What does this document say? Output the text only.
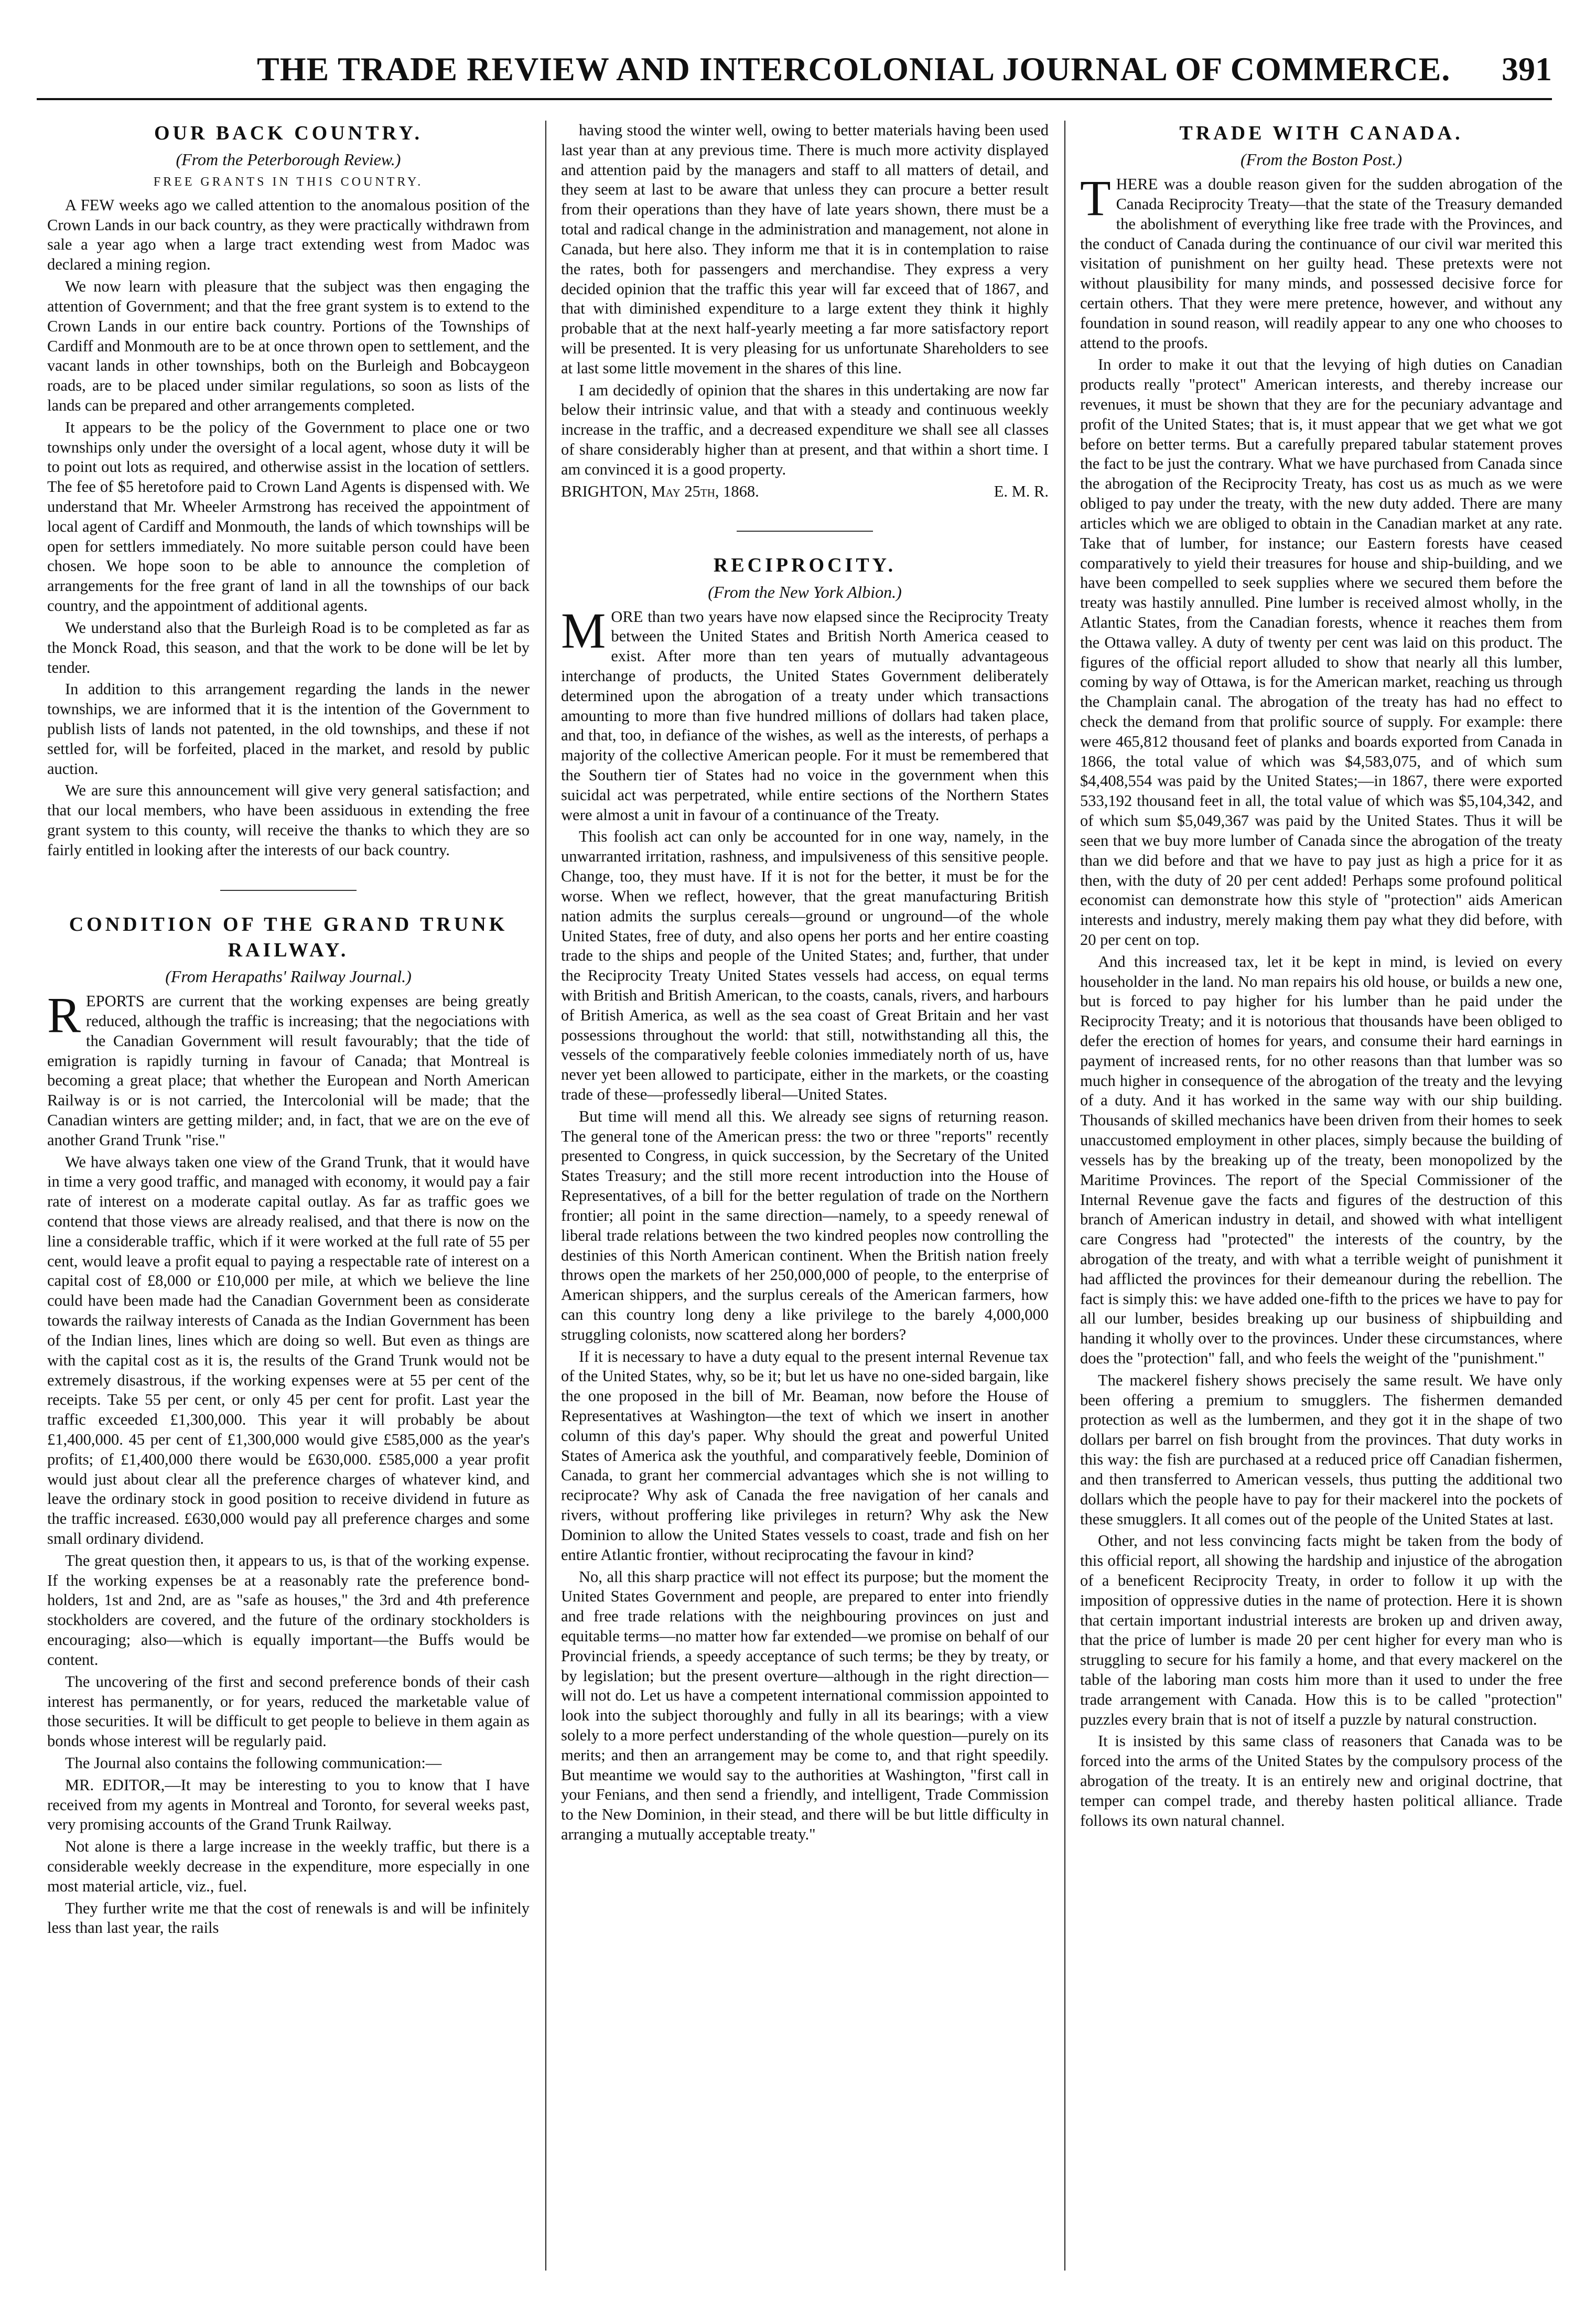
THE TRADE REVIEW AND INTERCOLONIAL JOURNAL OF COMMERCE. 391
OUR BACK COUNTRY.
(From the Peterborough Review.)
FREE GRANTS IN THIS COUNTRY.

A FEW weeks ago we called attention to the anomalous position of the Crown Lands in our back country, as they were practically withdrawn from sale a year ago when a large tract extending west from Madoc was declared a mining region.

We now learn with pleasure that the subject was then engaging the attention of Government; and that the free grant system is to extend to the Crown Lands in our entire back country. Portions of the Townships of Cardiff and Monmouth are to be at once thrown open to settlement, and the vacant lands in other townships, both on the Burleigh and Bobcaygeon roads, are to be placed under similar regulations, so soon as lists of the lands can be prepared and other arrangements completed.

It appears to be the policy of the Government to place one or two townships only under the oversight of a local agent, whose duty it will be to point out lots as required, and otherwise assist in the location of settlers. The fee of $5 heretofore paid to Crown Land Agents is dispensed with. We understand that Mr. Wheeler Armstrong has received the appointment of local agent of Cardiff and Monmouth, the lands of which townships will be open for settlers immediately. No more suitable person could have been chosen. We hope soon to be able to announce the completion of arrangements for the free grant of land in all the townships of our back country, and the appointment of additional agents.

We understand also that the Burleigh Road is to be completed as far as the Monck Road, this season, and that the work to be done will be let by tender.

In addition to this arrangement regarding the lands in the newer townships, we are informed that it is the intention of the Government to publish lists of lands not patented, in the old townships, and these if not settled for, will be forfeited, placed in the market, and resold by public auction.

We are sure this announcement will give very general satisfaction; and that our local members, who have been assiduous in extending the free grant system to this county, will receive the thanks to which they are so fairly entitled in looking after the interests of our back country.

CONDITION OF THE GRAND TRUNK RAILWAY.
(From Herapaths' Railway Journal.)

REPORTS are current that the working expenses are being greatly reduced, although the traffic is increasing; that the negociations with the Canadian Government will result favourably; that the tide of emigration is rapidly turning in favour of Canada; that Montreal is becoming a great place; that whether the European and North American Railway is or is not carried, the Intercolonial will be made; that the Canadian winters are getting milder; and, in fact, that we are on the eve of another Grand Trunk "rise."

We have always taken one view of the Grand Trunk, that it would have in time a very good traffic, and managed with economy, it would pay a fair rate of interest on a moderate capital outlay. As far as traffic goes we contend that those views are already realised, and that there is now on the line a considerable traffic, which if it were worked at the full rate of 55 per cent, would leave a profit equal to paying a respectable rate of interest on a capital cost of £8,000 or £10,000 per mile, at which we believe the line could have been made had the Canadian Government been as considerate towards the railway interests of Canada as the Indian Government has been of the Indian lines, lines which are doing so well. But even as things are with the capital cost as it is, the results of the Grand Trunk would not be extremely disastrous, if the working expenses were at 55 per cent of the receipts. Take 55 per cent, or only 45 per cent for profit. Last year the traffic exceeded £1,300,000. This year it will probably be about £1,400,000. 45 per cent of £1,300,000 would give £585,000 as the year's profits; of £1,400,000 there would be £630,000. £585,000 a year profit would just about clear all the preference charges of whatever kind, and leave the ordinary stock in good position to receive dividend in future as the traffic increased. £630,000 would pay all preference charges and some small ordinary dividend.

The great question then, it appears to us, is that of the working expense. If the working expenses be at a reasonably rate the preference bond-holders, 1st and 2nd, are as "safe as houses," the 3rd and 4th preference stockholders are covered, and the future of the ordinary stockholders is encouraging; also—which is equally important—the Buffs would be content.

The uncovering of the first and second preference bonds of their cash interest has permanently, or for years, reduced the marketable value of those securities. It will be difficult to get people to believe in them again as bonds whose interest will be regularly paid.

The Journal also contains the following communication:—

MR. EDITOR,—It may be interesting to you to know that I have received from my agents in Montreal and Toronto, for several weeks past, very promising accounts of the Grand Trunk Railway.

Not alone is there a large increase in the weekly traffic, but there is a considerable weekly decrease in the expenditure, more especially in one most material article, viz., fuel.

They further write me that the cost of renewals is and will be infinitely less than last year, the rails

having stood the winter well, owing to better materials having been used last year than at any previous time. There is much more activity displayed and attention paid by the managers and staff to all matters of detail, and they seem at last to be aware that unless they can procure a better result from their operations than they have of late years shown, there must be a total and radical change in the administration and management, not alone in Canada, but here also. They inform me that it is in contemplation to raise the rates, both for passengers and merchandise. They express a very decided opinion that the traffic this year will far exceed that of 1867, and that with diminished expenditure to a large extent they think it highly probable that at the next half-yearly meeting a far more satisfactory report will be presented. It is very pleasing for us unfortunate Shareholders to see at last some little movement in the shares of this line.

I am decidedly of opinion that the shares in this undertaking are now far below their intrinsic value, and that with a steady and continuous weekly increase in the traffic, and a decreased expenditure we shall see all classes of share considerably higher than at present, and that within a short time. I am convinced it is a good property.

BRIGHTON, May 25th, 1868.	E. M. R.
RECIPROCITY.
(From the New York Albion.)

MORE than two years have now elapsed since the Reciprocity Treaty between the United States and British North America ceased to exist. After more than ten years of mutually advantageous interchange of products, the United States Government deliberately determined upon the abrogation of a treaty under which transactions amounting to more than five hundred millions of dollars had taken place, and that, too, in defiance of the wishes, as well as the interests, of perhaps a majority of the collective American people. For it must be remembered that the Southern tier of States had no voice in the government when this suicidal act was perpetrated, while entire sections of the Northern States were almost a unit in favour of a continuance of the Treaty.

This foolish act can only be accounted for in one way, namely, in the unwarranted irritation, rashness, and impulsiveness of this sensitive people. Change, too, they must have. If it is not for the better, it must be for the worse. When we reflect, however, that the great manufacturing British nation admits the surplus cereals—ground or unground—of the whole United States, free of duty, and also opens her ports and her entire coasting trade to the ships and people of the United States; and, further, that under the Reciprocity Treaty United States vessels had access, on equal terms with British and British American, to the coasts, canals, rivers, and harbours of British America, as well as the sea coast of Great Britain and her vast possessions throughout the world: that still, notwithstanding all this, the vessels of the comparatively feeble colonies immediately north of us, have never yet been allowed to participate, either in the markets, or the coasting trade of these—professedly liberal—United States.

But time will mend all this. We already see signs of returning reason. The general tone of the American press: the two or three "reports" recently presented to Congress, in quick succession, by the Secretary of the United States Treasury; and the still more recent introduction into the House of Representatives, of a bill for the better regulation of trade on the Northern frontier; all point in the same direction—namely, to a speedy renewal of liberal trade relations between the two kindred peoples now controlling the destinies of this North American continent. When the British nation freely throws open the markets of her 250,000,000 of people, to the enterprise of American shippers, and the surplus cereals of the American farmers, how can this country long deny a like privilege to the barely 4,000,000 struggling colonists, now scattered along her borders?

If it is necessary to have a duty equal to the present internal Revenue tax of the United States, why, so be it; but let us have no one-sided bargain, like the one proposed in the bill of Mr. Beaman, now before the House of Representatives at Washington—the text of which we insert in another column of this day's paper. Why should the great and powerful United States of America ask the youthful, and comparatively feeble, Dominion of Canada, to grant her commercial advantages which she is not willing to reciprocate? Why ask of Canada the free navigation of her canals and rivers, without proffering like privileges in return? Why ask the New Dominion to allow the United States vessels to coast, trade and fish on her entire Atlantic frontier, without reciprocating the favour in kind?

No, all this sharp practice will not effect its purpose; but the moment the United States Government and people, are prepared to enter into friendly and free trade relations with the neighbouring provinces on just and equitable terms—no matter how far extended—we promise on behalf of our Provincial friends, a speedy acceptance of such terms; be they by treaty, or by legislation; but the present overture—although in the right direction—will not do. Let us have a competent international commission appointed to look into the subject thoroughly and fully in all its bearings; with a view solely to a more perfect understanding of the whole question—purely on its merits; and then an arrangement may be come to, and that right speedily. But meantime we would say to the authorities at Washington, "first call in your Fenians, and then send a friendly, and intelligent, Trade Commission to the New Dominion, in their stead, and there will be but little difficulty in arranging a mutually acceptable treaty."

TRADE WITH CANADA.
(From the Boston Post.)

THERE was a double reason given for the sudden abrogation of the Canada Reciprocity Treaty—that the state of the Treasury demanded the abolishment of everything like free trade with the Provinces, and the conduct of Canada during the continuance of our civil war merited this visitation of punishment on her guilty head. These pretexts were not without plausibility for many minds, and possessed decisive force for certain others. That they were mere pretence, however, and without any foundation in sound reason, will readily appear to any one who chooses to attend to the proofs.

In order to make it out that the levying of high duties on Canadian products really "protect" American interests, and thereby increase our revenues, it must be shown that they are for the pecuniary advantage and profit of the United States; that is, it must appear that we get what we got before on better terms. But a carefully prepared tabular statement proves the fact to be just the contrary. What we have purchased from Canada since the abrogation of the Reciprocity Treaty, has cost us as much as we were obliged to pay under the treaty, with the new duty added. There are many articles which we are obliged to obtain in the Canadian market at any rate. Take that of lumber, for instance; our Eastern forests have ceased comparatively to yield their treasures for house and ship-building, and we have been compelled to seek supplies where we secured them before the treaty was hastily annulled. Pine lumber is received almost wholly, in the Atlantic States, from the Canadian forests, whence it reaches them from the Ottawa valley. A duty of twenty per cent was laid on this product. The figures of the official report alluded to show that nearly all this lumber, coming by way of Ottawa, is for the American market, reaching us through the Champlain canal. The abrogation of the treaty has had no effect to check the demand from that prolific source of supply. For example: there were 465,812 thousand feet of planks and boards exported from Canada in 1866, the total value of which was $4,583,075, and of which sum $4,408,554 was paid by the United States;—in 1867, there were exported 533,192 thousand feet in all, the total value of which was $5,104,342, and of which sum $5,049,367 was paid by the United States. Thus it will be seen that we buy more lumber of Canada since the abrogation of the treaty than we did before and that we have to pay just as high a price for it as then, with the duty of 20 per cent added! Perhaps some profound political economist can demonstrate how this style of "protection" aids American interests and industry, merely making them pay what they did before, with 20 per cent on top.

And this increased tax, let it be kept in mind, is levied on every householder in the land. No man repairs his old house, or builds a new one, but is forced to pay higher for his lumber than he paid under the Reciprocity Treaty; and it is notorious that thousands have been obliged to defer the erection of homes for years, and consume their hard earnings in payment of increased rents, for no other reasons than that lumber was so much higher in consequence of the abrogation of the treaty and the levying of a duty. And it has worked in the same way with our ship building. Thousands of skilled mechanics have been driven from their homes to seek unaccustomed employment in other places, simply because the building of vessels has by the breaking up of the treaty, been monopolized by the Maritime Provinces. The report of the Special Commissioner of the Internal Revenue gave the facts and figures of the destruction of this branch of American industry in detail, and showed with what intelligent care Congress had "protected" the interests of the country, by the abrogation of the treaty, and with what a terrible weight of punishment it had afflicted the provinces for their demeanour during the rebellion. The fact is simply this: we have added one-fifth to the prices we have to pay for all our lumber, besides breaking up our business of shipbuilding and handing it wholly over to the provinces. Under these circumstances, where does the "protection" fall, and who feels the weight of the "punishment."

The mackerel fishery shows precisely the same result. We have only been offering a premium to smugglers. The fishermen demanded protection as well as the lumbermen, and they got it in the shape of two dollars per barrel on fish brought from the provinces. That duty works in this way: the fish are purchased at a reduced price off Canadian fishermen, and then transferred to American vessels, thus putting the additional two dollars which the people have to pay for their mackerel into the pockets of these smugglers. It all comes out of the people of the United States at last.

Other, and not less convincing facts might be taken from the body of this official report, all showing the hardship and injustice of the abrogation of a beneficent Reciprocity Treaty, in order to follow it up with the imposition of oppressive duties in the name of protection. Here it is shown that certain important industrial interests are broken up and driven away, that the price of lumber is made 20 per cent higher for every man who is struggling to secure for his family a home, and that every mackerel on the table of the laboring man costs him more than it used to under the free trade arrangement with Canada. How this is to be called "protection" puzzles every brain that is not of itself a puzzle by natural construction.

It is insisted by this same class of reasoners that Canada was to be forced into the arms of the United States by the compulsory process of the abrogation of the treaty. It is an entirely new and original doctrine, that temper can compel trade, and thereby hasten political alliance. Trade follows its own natural channel.
